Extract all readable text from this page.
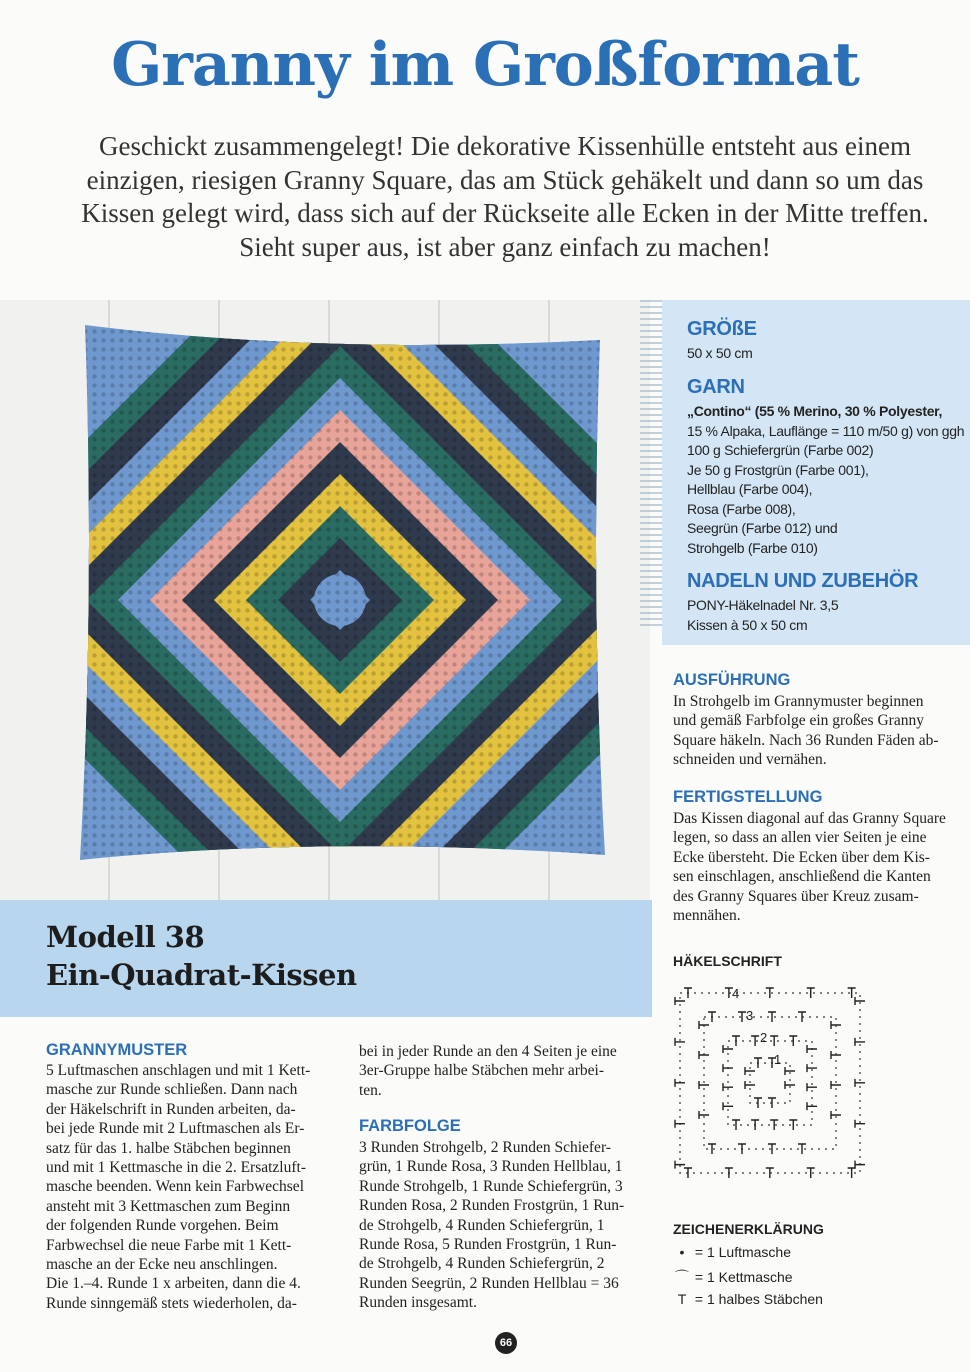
Granny im Großformat
Geschickt zusammengelegt! Die dekorative Kissenhülle entsteht aus einem
einzigen, riesigen Granny Square, das am Stück gehäkelt und dann so um das
Kissen gelegt wird, dass sich auf der Rückseite alle Ecken in der Mitte treffen.
Sieht super aus, ist aber ganz einfach zu machen!
GRÖßE
50 x 50 cm
GARN
„Contino“ (55 % Merino, 30 % Polyester,
15 % Alpaka, Lauflänge = 110 m/50 g) von ggh
100 g Schiefergrün (Farbe 002)
Je 50 g Frostgrün (Farbe 001),
Hellblau (Farbe 004),
Rosa (Farbe 008),
Seegrün (Farbe 012) und
Strohgelb (Farbe 010)
NADELN UND ZUBEHÖR
PONY-Häkelnadel Nr. 3,5
Kissen à 50 x 50 cm
AUSFÜHRUNG
In Strohgelb im Grannymuster beginnen
und gemäß Farbfolge ein großes Granny
Square häkeln. Nach 36 Runden Fäden ab-
schneiden und vernähen.
FERTIGSTELLUNG
Das Kissen diagonal auf das Granny Square
legen, so dass an allen vier Seiten je eine
Ecke übersteht. Die Ecken über dem Kis-
sen einschlagen, anschließend die Kanten
des Granny Squares über Kreuz zusam-
mennähen.
Modell 38
Ein-Quadrat-Kissen
GRANNYMUSTER
5 Luftmaschen anschlagen und mit 1 Kett-
masche zur Runde schließen. Dann nach
der Häkelschrift in Runden arbeiten, da-
bei jede Runde mit 2 Luftmaschen als Er-
satz für das 1. halbe Stäbchen beginnen
und mit 1 Kettmasche in die 2. Ersatzluft-
masche beenden. Wenn kein Farbwechsel
ansteht mit 3 Kettmaschen zum Beginn
der folgenden Runde vorgehen. Beim
Farbwechsel die neue Farbe mit 1 Kett-
masche an der Ecke neu anschlingen.
Die 1.–4. Runde 1 x arbeiten, dann die 4.
Runde sinngemäß stets wiederholen, da-
bei in jeder Runde an den 4 Seiten je eine
3er-Gruppe halbe Stäbchen mehr arbei-
ten.
FARBFOLGE
3 Runden Strohgelb, 2 Runden Schiefer-
grün, 1 Runde Rosa, 3 Runden Hellblau, 1
Runde Strohgelb, 1 Runde Schiefergrün, 3
Runden Rosa, 2 Runden Frostgrün, 1 Run-
de Strohgelb, 4 Runden Schiefergrün, 1
Runde Rosa, 5 Runden Frostgrün, 1 Run-
de Strohgelb, 4 Runden Schiefergrün, 2
Runden Seegrün, 2 Runden Hellblau = 36
Runden insgesamt.
HÄKELSCHRIFT
4
3
2
1
ZEICHENERKLÄRUNG
• = 1 Luftmasche
⌒ = 1 Kettmasche
T = 1 halbes Stäbchen
66
